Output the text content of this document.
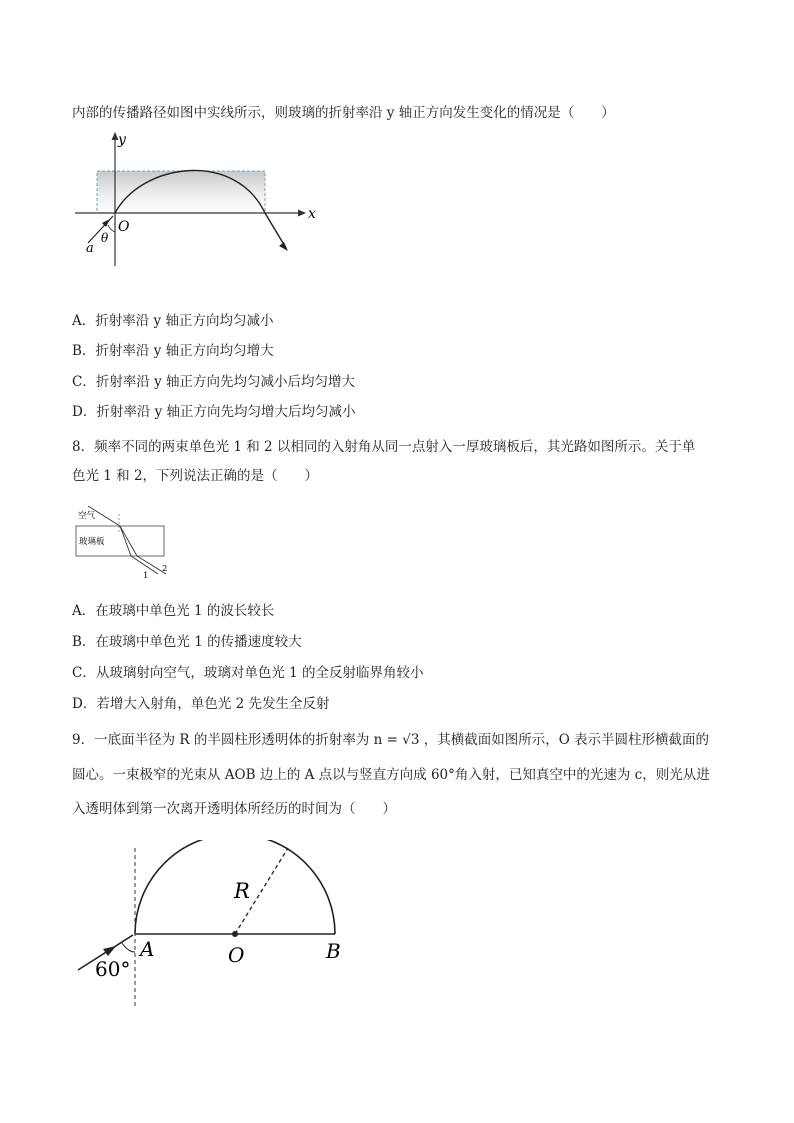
内部的传播路径如图中实线所示，则玻璃的折射率沿 y 轴正方向发生变化的情况是（　　）
y
x
O
θ
a
A．折射率沿 y 轴正方向均匀减小
B．折射率沿 y 轴正方向均匀增大
C．折射率沿 y 轴正方向先均匀减小后均匀增大
D．折射率沿 y 轴正方向先均匀增大后均匀减小
8．频率不同的两束单色光 1 和 2 以相同的入射角从同一点射入一厚玻璃板后，其光路如图所示。关于单
色光 1 和 2，下列说法正确的是（　　）
空气
玻璃板
1
2
A．在玻璃中单色光 1 的波长较长
B．在玻璃中单色光 1 的传播速度较大
C．从玻璃射向空气，玻璃对单色光 1 的全反射临界角较小
D．若增大入射角，单色光 2 先发生全反射
9．一底面半径为 R 的半圆柱形透明体的折射率为 n = √3 ，其横截面如图所示，O 表示半圆柱形横截面的
圆心。一束极窄的光束从 AOB 边上的 A 点以与竖直方向成 60°角入射，已知真空中的光速为 c，则光从进
入透明体到第一次离开透明体所经历的时间为（　　）
R
A	O	B
60°
